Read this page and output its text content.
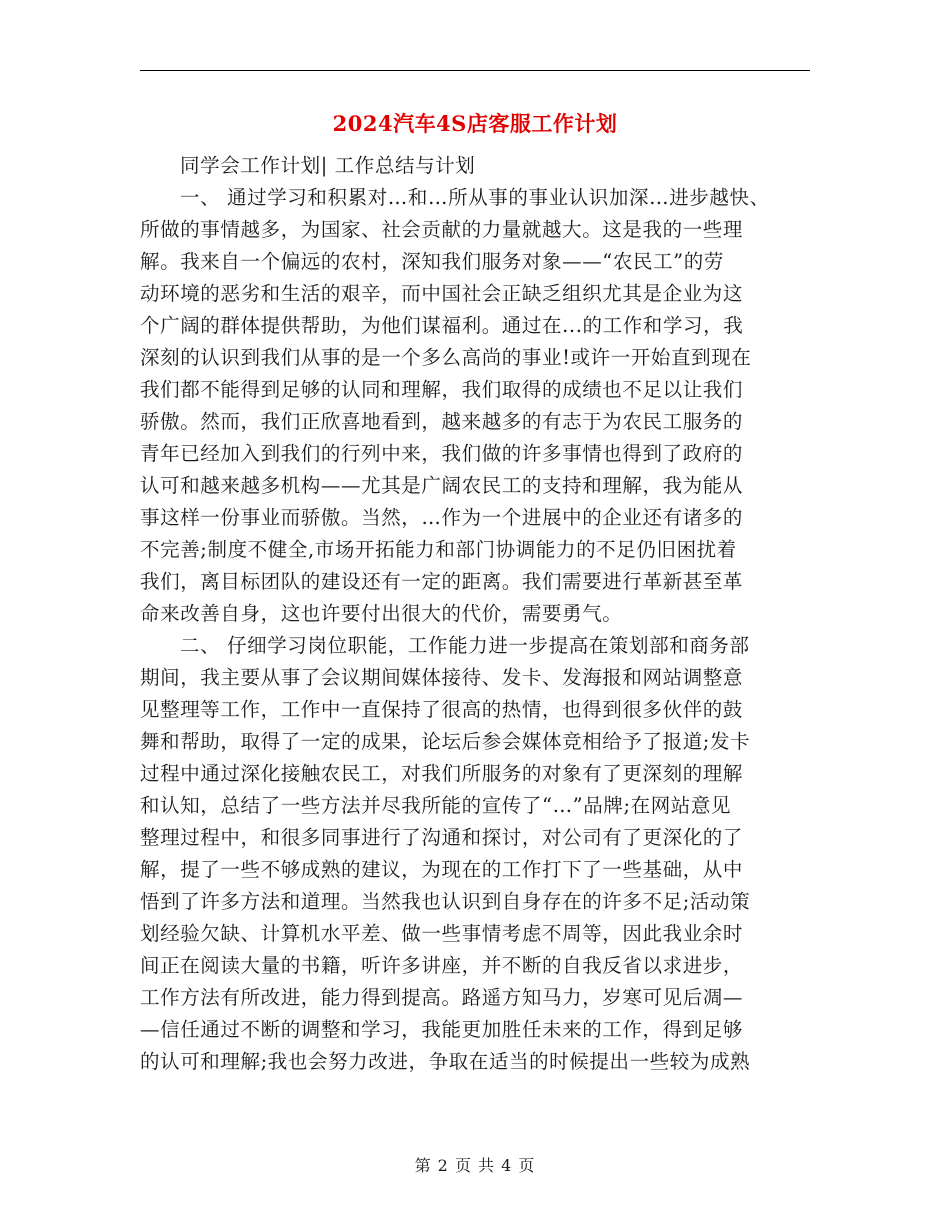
2024汽车4S店客服工作计划
同学会工作计划| 工作总结与计划
一、 通过学习和积累对…和…所从事的事业认识加深…进步越快、
所做的事情越多，为国家、社会贡献的力量就越大。这是我的一些理
解。我来自一个偏远的农村，深知我们服务对象——“农民工”的劳
动环境的恶劣和生活的艰辛，而中国社会正缺乏组织尤其是企业为这
个广阔的群体提供帮助，为他们谋福利。通过在...的工作和学习，我
深刻的认识到我们从事的是一个多么高尚的事业!或许一开始直到现在
我们都不能得到足够的认同和理解，我们取得的成绩也不足以让我们
骄傲。然而，我们正欣喜地看到，越来越多的有志于为农民工服务的
青年已经加入到我们的行列中来，我们做的许多事情也得到了政府的
认可和越来越多机构——尤其是广阔农民工的支持和理解，我为能从
事这样一份事业而骄傲。当然，…作为一个进展中的企业还有诸多的
不完善;制度不健全,市场开拓能力和部门协调能力的不足仍旧困扰着
我们，离目标团队的建设还有一定的距离。我们需要进行革新甚至革
命来改善自身，这也许要付出很大的代价，需要勇气。
二、 仔细学习岗位职能，工作能力进一步提高在策划部和商务部
期间，我主要从事了会议期间媒体接待、发卡、发海报和网站调整意
见整理等工作，工作中一直保持了很高的热情，也得到很多伙伴的鼓
舞和帮助，取得了一定的成果，论坛后参会媒体竞相给予了报道;发卡
过程中通过深化接触农民工，对我们所服务的对象有了更深刻的理解
和认知，总结了一些方法并尽我所能的宣传了“…”品牌;在网站意见
整理过程中，和很多同事进行了沟通和探讨，对公司有了更深化的了
解，提了一些不够成熟的建议，为现在的工作打下了一些基础，从中
悟到了许多方法和道理。当然我也认识到自身存在的许多不足;活动策
划经验欠缺、计算机水平差、做一些事情考虑不周等，因此我业余时
间正在阅读大量的书籍，听许多讲座，并不断的自我反省以求进步，
工作方法有所改进，能力得到提高。路遥方知马力，岁寒可见后凋—
—信任通过不断的调整和学习，我能更加胜任未来的工作，得到足够
的认可和理解;我也会努力改进，争取在适当的时候提出一些较为成熟
第 2 页 共 4 页
